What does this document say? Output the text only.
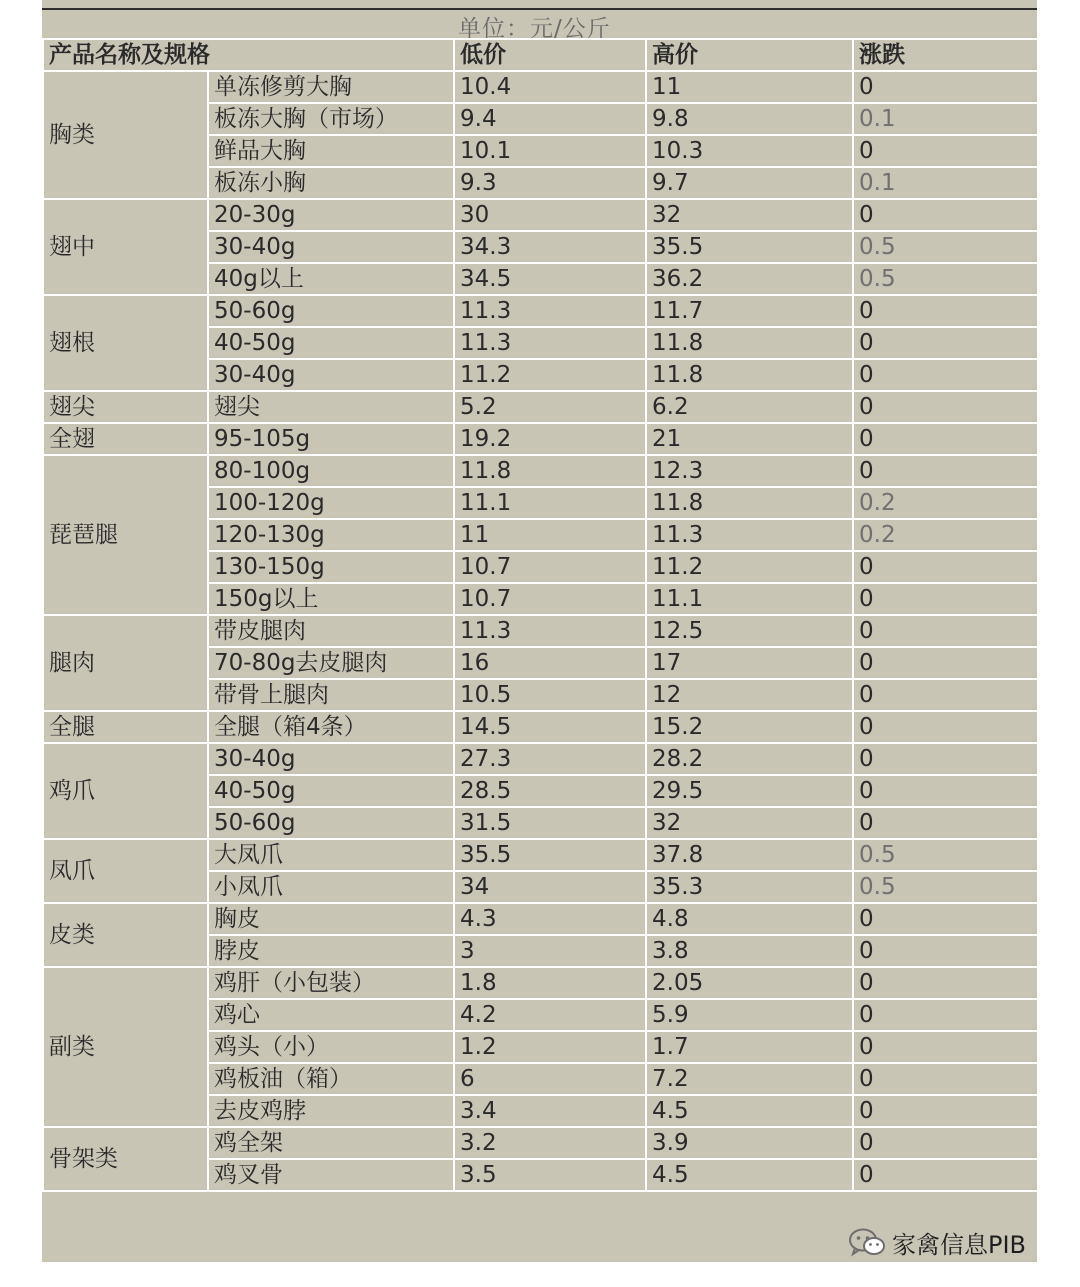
单位：元/公斤
产品名称及规格		低价	高价	涨跌
胸类	单冻修剪大胸	10.4	11	0
	板冻大胸（市场）	9.4	9.8	0.1
	鲜品大胸	10.1	10.3	0
	板冻小胸	9.3	9.7	0.1
翅中	20-30g	30	32	0
	30-40g	34.3	35.5	0.5
	40g以上	34.5	36.2	0.5
翅根	50-60g	11.3	11.7	0
	40-50g	11.3	11.8	0
	30-40g	11.2	11.8	0
翅尖	翅尖	5.2	6.2	0
全翅	95-105g	19.2	21	0
琵琶腿	80-100g	11.8	12.3	0
	100-120g	11.1	11.8	0.2
	120-130g	11	11.3	0.2
	130-150g	10.7	11.2	0
	150g以上	10.7	11.1	0
腿肉	带皮腿肉	11.3	12.5	0
	70-80g去皮腿肉	16	17	0
	带骨上腿肉	10.5	12	0
全腿	全腿（箱4条）	14.5	15.2	0
鸡爪	30-40g	27.3	28.2	0
	40-50g	28.5	29.5	0
	50-60g	31.5	32	0
凤爪	大凤爪	35.5	37.8	0.5
	小凤爪	34	35.3	0.5
皮类	胸皮	4.3	4.8	0
	脖皮	3	3.8	0
副类	鸡肝（小包装）	1.8	2.05	0
	鸡心	4.2	5.9	0
	鸡头（小）	1.2	1.7	0
	鸡板油（箱）	6	7.2	0
	去皮鸡脖	3.4	4.5	0
骨架类	鸡全架	3.2	3.9	0
	鸡叉骨	3.5	4.5	0
家禽信息PIB
